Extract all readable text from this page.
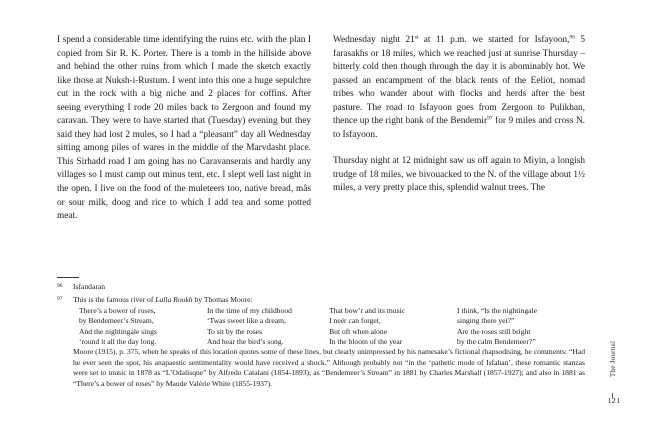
I spend a considerable time identifying the ruins etc. with the plan I copied from Sir R. K. Porter. There is a tomb in the hillside above and behind the other ruins from which I made the sketch exactly like those at Nuksh-i-Rustum. I went into this one a huge sepulchre cut in the rock with a big niche and 2 places for coffins. After seeing everything I rode 20 miles back to Zergoon and found my caravan. They were to have started that (Tuesday) evening but they said they had lost 2 mules, so I had a “pleasant” day all Wednesday sitting among piles of wares in the middle of the Marvdasht place. This Sirhadd road I am going has no Caravanserais and hardly any villages so I must camp out minus tent, etc. I slept well last night in the open. I live on the food of the muleteers too, native bread, mâs or sour milk, doog and rice to which I add tea and some potted meat.

Wednesday night 21st at 11 p.m. we started for Isfayoon,$^{96}$ 5 farasakhs or 18 miles, which we reached just at sunrise Thursday – bitterly cold then though through the day it is abominably hot. We passed an encampment of the black tents of the Eeliot, nomad tribes who wander about with flocks and herds after the best pasture. The road to Isfayoon goes from Zergoon to Pulikhan, thence up the right bank of the Bendemir$^{97}$ for 9 miles and cross N. to Isfayoon.

Thursday night at 12 midnight saw us off again to Miyin, a longish trudge of 18 miles, we bivouacked to the N. of the village about 1½ miles, a very pretty place this, splendid walnut trees. The

96 Isfandaran
97 This is the famous river of Lalla Rookh by Thomas Moore:
There’s a bower of roses,
by Bendemeer’s Stream,
And the nightingale sings
‘round it all the day long.
In the time of my childhood
‘Twas sweet like a dream,
To sit by the roses
And hear the bird’s song.
That bow’r and its music
I neér can forget,
But oft when alone
In the bloom of the year
I think, “Is the nightingale
singing there yet?”
Are the roses still bright
by the calm Bendemeer?”
Moore (1915), p. 375, when he speaks of this location quotes some of these lines, but clearly unimpressed by his namesake’s fictional rhapsodising, he comments: “Had he ever seen the spot, his anapaestic sentimentality would have received a shock.” Although probably not “in the ‘pathetic mode of Isfahan’, these romantic stanzas were set to music in 1878 as “L’Odalisque” by Alfredo Catalani (1854-1893); as “Bendemeer’s Stream” in 1881 by Charles Marshall (1857-1927); and also in 1881 as “There’s a bower of roses” by Maude Valérie White (1855-1937).
The Journal
121
